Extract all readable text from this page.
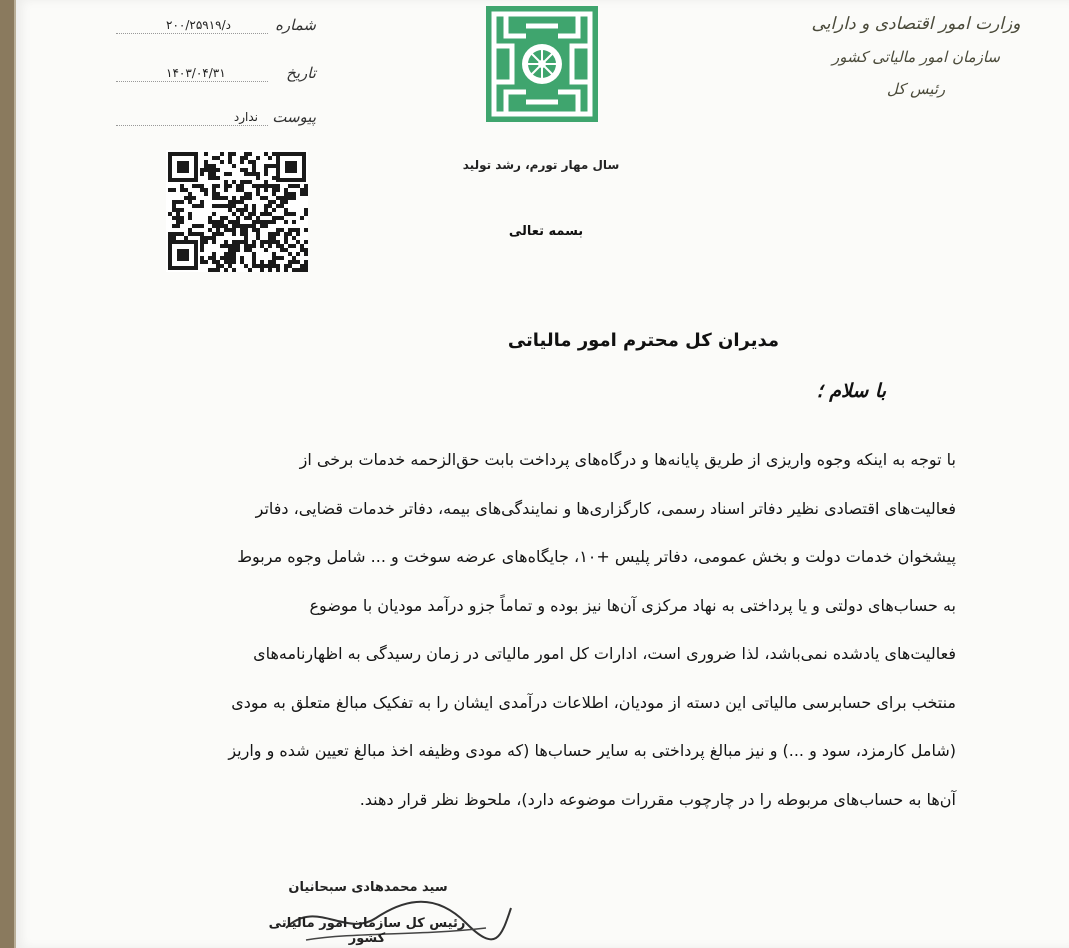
شماره
د/۲۰۰/۲۵۹۱۹
تاریخ
۱۴۰۳/۰۴/۳۱
پیوست
ندارد
سال مهار تورم، رشد تولید
بسمه تعالی
وزارت امور اقتصادی و دارایی
سازمان امور مالیاتی کشور
رئیس کل
مدیران کل محترم امور مالیاتی
با سلام ؛
با توجه به اینکه وجوه واریزی از طریق پایانه‌ها و درگاه‌های پرداخت بابت حق‌الزحمه خدمات برخی از
فعالیت‌های اقتصادی نظیر دفاتر اسناد رسمی، کارگزاری‌ها و نمایندگی‌های بیمه، دفاتر خدمات قضایی، دفاتر
پیشخوان خدمات دولت و بخش عمومی، دفاتر پلیس +۱۰، جایگاه‌های عرضه سوخت و ... شامل وجوه مربوط
به حساب‌های دولتی و یا پرداختی به نهاد مرکزی آن‌ها نیز بوده و تماماً جزو درآمد مودیان با موضوع
فعالیت‌های یادشده نمی‌باشد، لذا ضروری است، ادارات کل امور مالیاتی در زمان رسیدگی به اظهارنامه‌های
منتخب برای حسابرسی مالیاتی این دسته از مودیان، اطلاعات درآمدی ایشان را به تفکیک مبالغ متعلق به مودی
(شامل کارمزد، سود و ...) و نیز مبالغ پرداختی به سایر حساب‌ها (که مودی وظیفه اخذ مبالغ تعیین شده و واریز
آن‌ها به حساب‌های مربوطه را در چارچوب مقررات موضوعه دارد)، ملحوظ نظر قرار دهند.
سید محمدهادی سبحانیان
رئیس کل سازمان امور مالیاتی کشور
